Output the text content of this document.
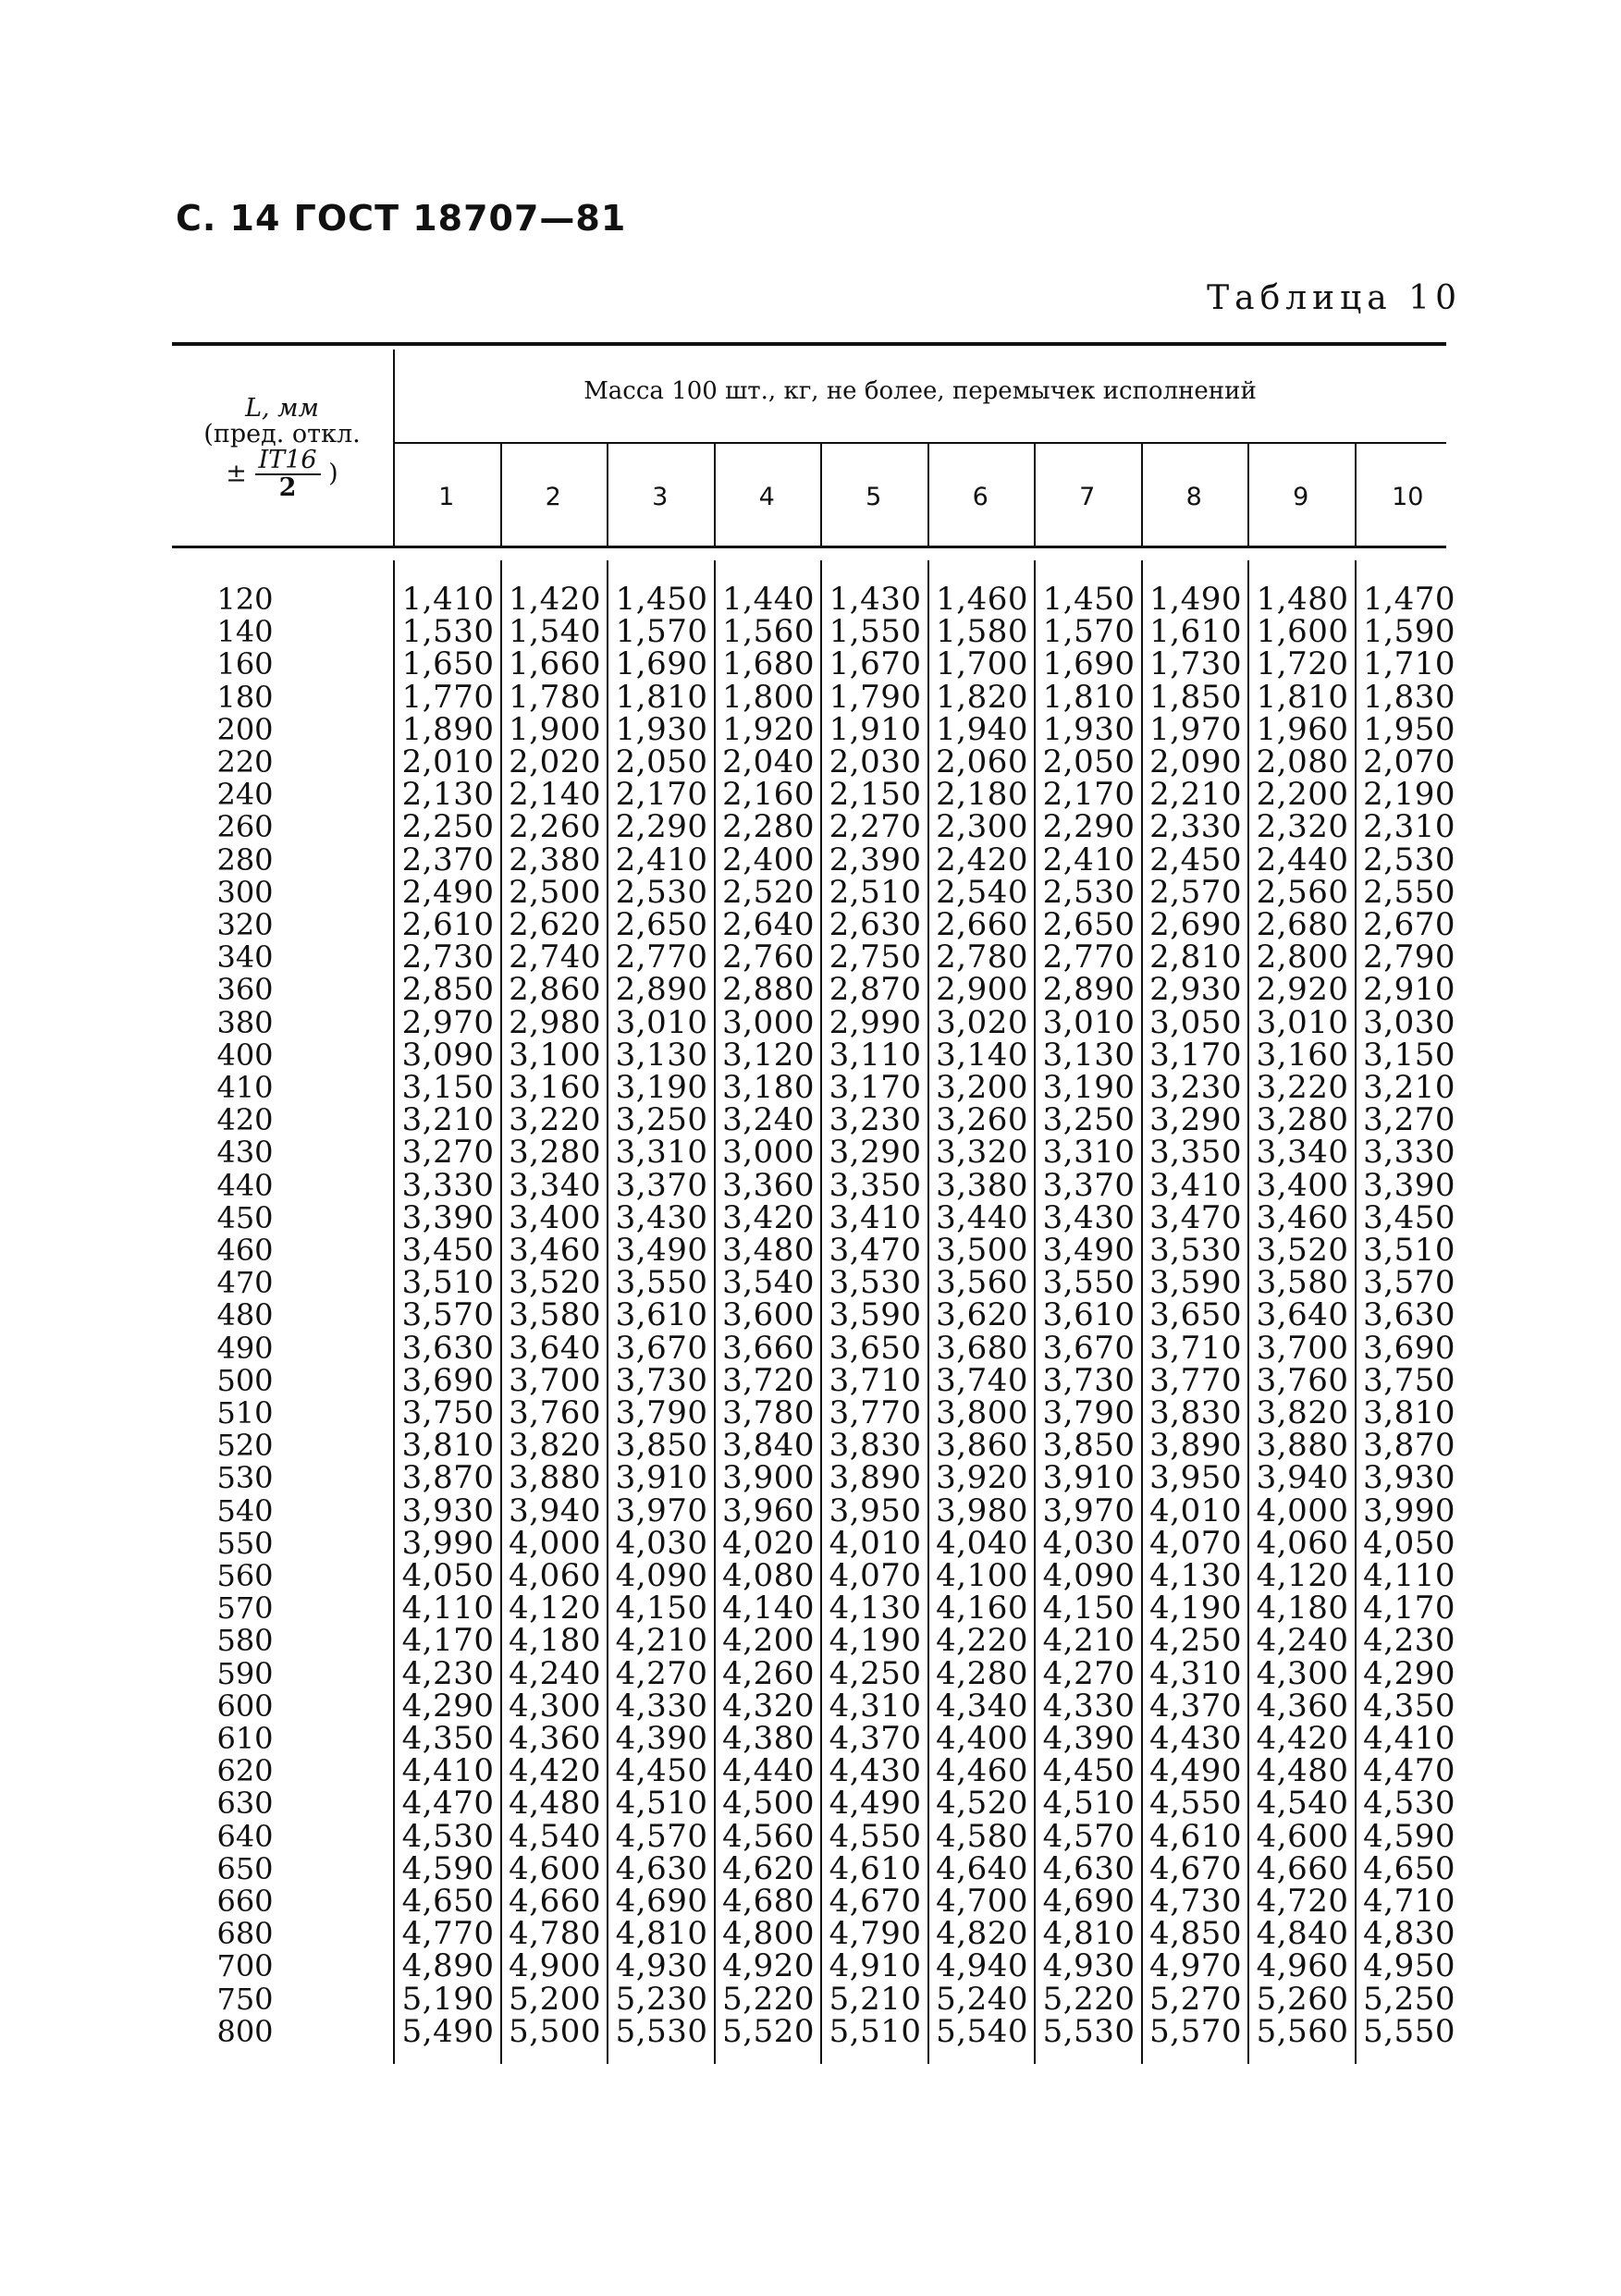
С. 14 ГОСТ 18707—81
Таблица 10
L, мм
(пред. откл.
± $\frac{IT16}{2}$ )
Масса 100 шт., кг, не более, перемычек исполнений
1	2	3	4	5	6	7	8	9	10
120	1,410 1,420 1,450 1,440 1,430 1,460 1,450 1,490 1,480 1,470
140	1,530 1,540 1,570 1,560 1,550 1,580 1,570 1,610 1,600 1,590
160	1,650 1,660 1,690 1,680 1,670 1,700 1,690 1,730 1,720 1,710
180	1,770 1,780 1,810 1,800 1,790 1,820 1,810 1,850 1,810 1,830
200	1,890 1,900 1,930 1,920 1,910 1,940 1,930 1,970 1,960 1,950
220	2,010 2,020 2,050 2,040 2,030 2,060 2,050 2,090 2,080 2,070
240	2,130 2,140 2,170 2,160 2,150 2,180 2,170 2,210 2,200 2,190
260	2,250 2,260 2,290 2,280 2,270 2,300 2,290 2,330 2,320 2,310
280	2,370 2,380 2,410 2,400 2,390 2,420 2,410 2,450 2,440 2,530
300	2,490 2,500 2,530 2,520 2,510 2,540 2,530 2,570 2,560 2,550
320	2,610 2,620 2,650 2,640 2,630 2,660 2,650 2,690 2,680 2,670
340	2,730 2,740 2,770 2,760 2,750 2,780 2,770 2,810 2,800 2,790
360	2,850 2,860 2,890 2,880 2,870 2,900 2,890 2,930 2,920 2,910
380	2,970 2,980 3,010 3,000 2,990 3,020 3,010 3,050 3,010 3,030
400	3,090 3,100 3,130 3,120 3,110 3,140 3,130 3,170 3,160 3,150
410	3,150 3,160 3,190 3,180 3,170 3,200 3,190 3,230 3,220 3,210
420	3,210 3,220 3,250 3,240 3,230 3,260 3,250 3,290 3,280 3,270
430	3,270 3,280 3,310 3,000 3,290 3,320 3,310 3,350 3,340 3,330
440	3,330 3,340 3,370 3,360 3,350 3,380 3,370 3,410 3,400 3,390
450	3,390 3,400 3,430 3,420 3,410 3,440 3,430 3,470 3,460 3,450
460	3,450 3,460 3,490 3,480 3,470 3,500 3,490 3,530 3,520 3,510
470	3,510 3,520 3,550 3,540 3,530 3,560 3,550 3,590 3,580 3,570
480	3,570 3,580 3,610 3,600 3,590 3,620 3,610 3,650 3,640 3,630
490	3,630 3,640 3,670 3,660 3,650 3,680 3,670 3,710 3,700 3,690
500	3,690 3,700 3,730 3,720 3,710 3,740 3,730 3,770 3,760 3,750
510	3,750 3,760 3,790 3,780 3,770 3,800 3,790 3,830 3,820 3,810
520	3,810 3,820 3,850 3,840 3,830 3,860 3,850 3,890 3,880 3,870
530	3,870 3,880 3,910 3,900 3,890 3,920 3,910 3,950 3,940 3,930
540	3,930 3,940 3,970 3,960 3,950 3,980 3,970 4,010 4,000 3,990
550	3,990 4,000 4,030 4,020 4,010 4,040 4,030 4,070 4,060 4,050
560	4,050 4,060 4,090 4,080 4,070 4,100 4,090 4,130 4,120 4,110
570	4,110 4,120 4,150 4,140 4,130 4,160 4,150 4,190 4,180 4,170
580	4,170 4,180 4,210 4,200 4,190 4,220 4,210 4,250 4,240 4,230
590	4,230 4,240 4,270 4,260 4,250 4,280 4,270 4,310 4,300 4,290
600	4,290 4,300 4,330 4,320 4,310 4,340 4,330 4,370 4,360 4,350
610	4,350 4,360 4,390 4,380 4,370 4,400 4,390 4,430 4,420 4,410
620	4,410 4,420 4,450 4,440 4,430 4,460 4,450 4,490 4,480 4,470
630	4,470 4,480 4,510 4,500 4,490 4,520 4,510 4,550 4,540 4,530
640	4,530 4,540 4,570 4,560 4,550 4,580 4,570 4,610 4,600 4,590
650	4,590 4,600 4,630 4,620 4,610 4,640 4,630 4,670 4,660 4,650
660	4,650 4,660 4,690 4,680 4,670 4,700 4,690 4,730 4,720 4,710
680	4,770 4,780 4,810 4,800 4,790 4,820 4,810 4,850 4,840 4,830
700	4,890 4,900 4,930 4,920 4,910 4,940 4,930 4,970 4,960 4,950
750	5,190 5,200 5,230 5,220 5,210 5,240 5,220 5,270 5,260 5,250
800	5,490 5,500 5,530 5,520 5,510 5,540 5,530 5,570 5,560 5,550
